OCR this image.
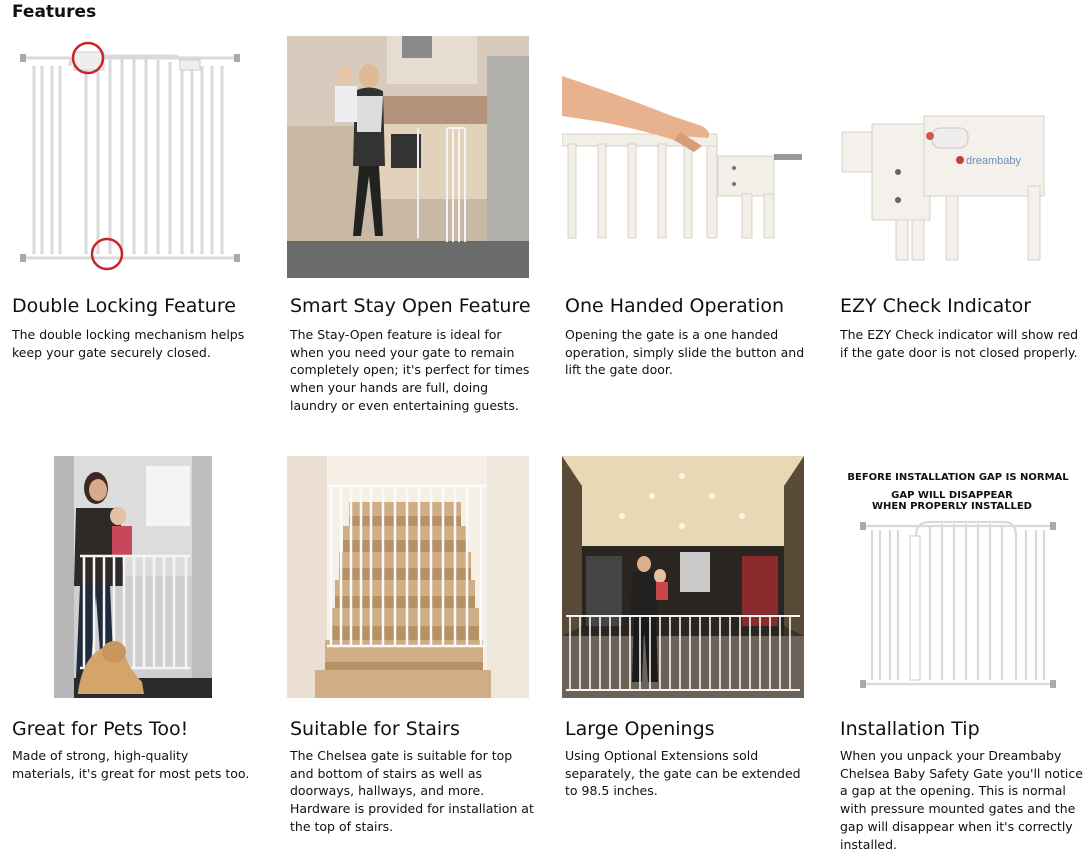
Features

Double Locking Feature

The double locking mechanism helps keep your gate securely closed.

Smart Stay Open Feature

The Stay-Open feature is ideal for when you need your gate to remain completely open; it's perfect for times when your hands are full, doing laundry or even entertaining guests.

One Handed Operation

Opening the gate is a one handed operation, simply slide the button and lift the gate door.

dreambaby

EZY Check Indicator

The EZY Check indicator will show red if the gate door is not closed properly.

Great for Pets Too!

Made of strong, high-quality materials, it's great for most pets too.

Suitable for Stairs

The Chelsea gate is suitable for top and bottom of stairs as well as doorways, hallways, and more. Hardware is provided for installation at the top of stairs.

Large Openings

Using Optional Extensions sold separately, the gate can be extended to 98.5 inches.

BEFORE INSTALLATION GAP IS NORMAL
GAP WILL DISAPPEAR
WHEN PROPERLY INSTALLED

Installation Tip

When you unpack your Dreambaby Chelsea Baby Safety Gate you'll notice a gap at the opening. This is normal with pressure mounted gates and the gap will disappear when it's correctly installed.
